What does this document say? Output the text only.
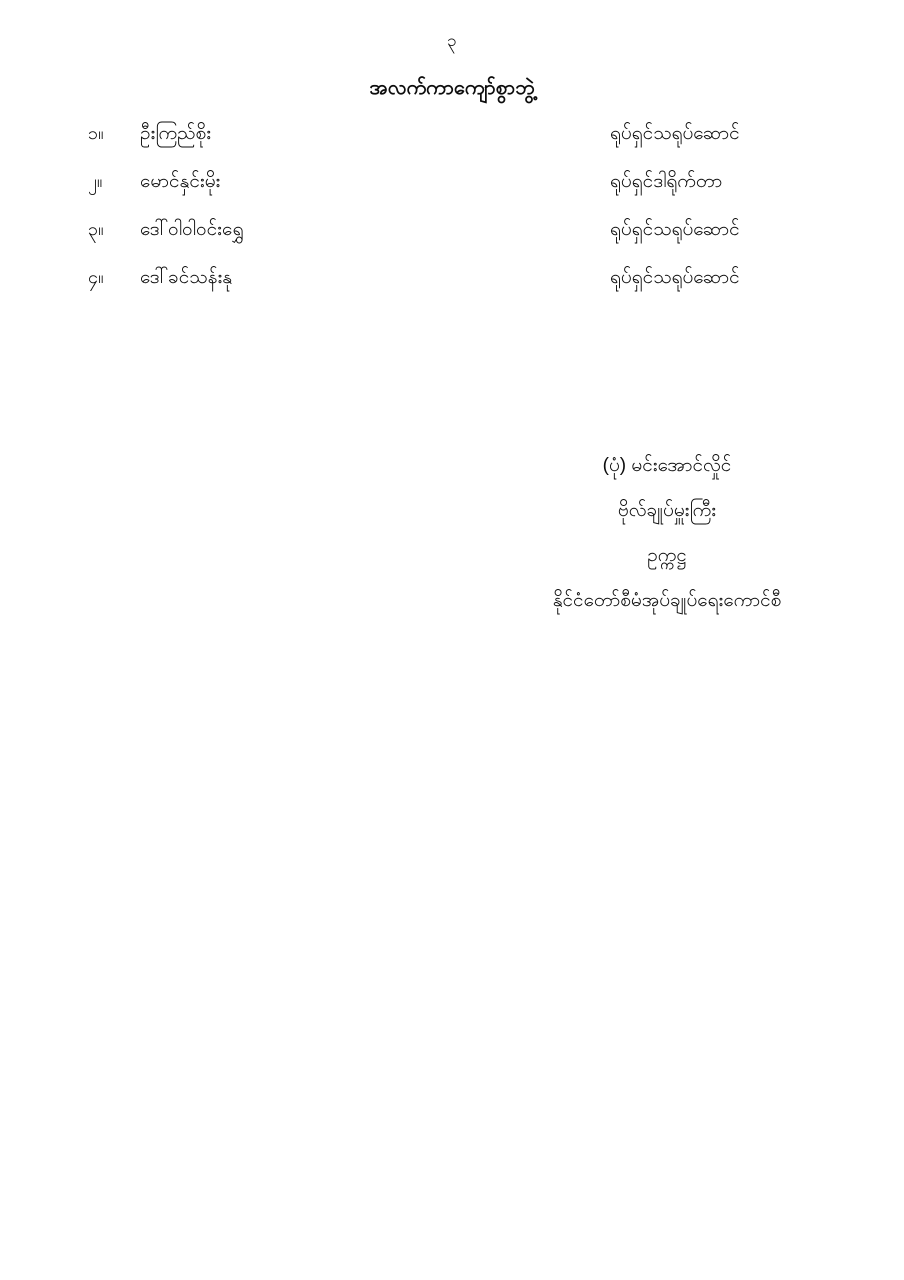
၃
အလက်ကာကျော်စွာဘွဲ့
၁။	ဦးကြည်စိုး	ရုပ်ရှင်သရုပ်ဆောင်
၂။	မောင်နှင်းမိုး	ရုပ်ရှင်ဒါရိုက်တာ
၃။	ဒေါ်ဝါဝါဝင်းရွှေ	ရုပ်ရှင်သရုပ်ဆောင်
၄။	ဒေါ်ခင်သန်းနု	ရုပ်ရှင်သရုပ်ဆောင်
(ပုံ) မင်းအောင်လှိုင်
ဗိုလ်ချုပ်မှူးကြီး
ဥက္ကဋ္ဌ
နိုင်ငံတော်စီမံအုပ်ချုပ်ရေးကောင်စီ
